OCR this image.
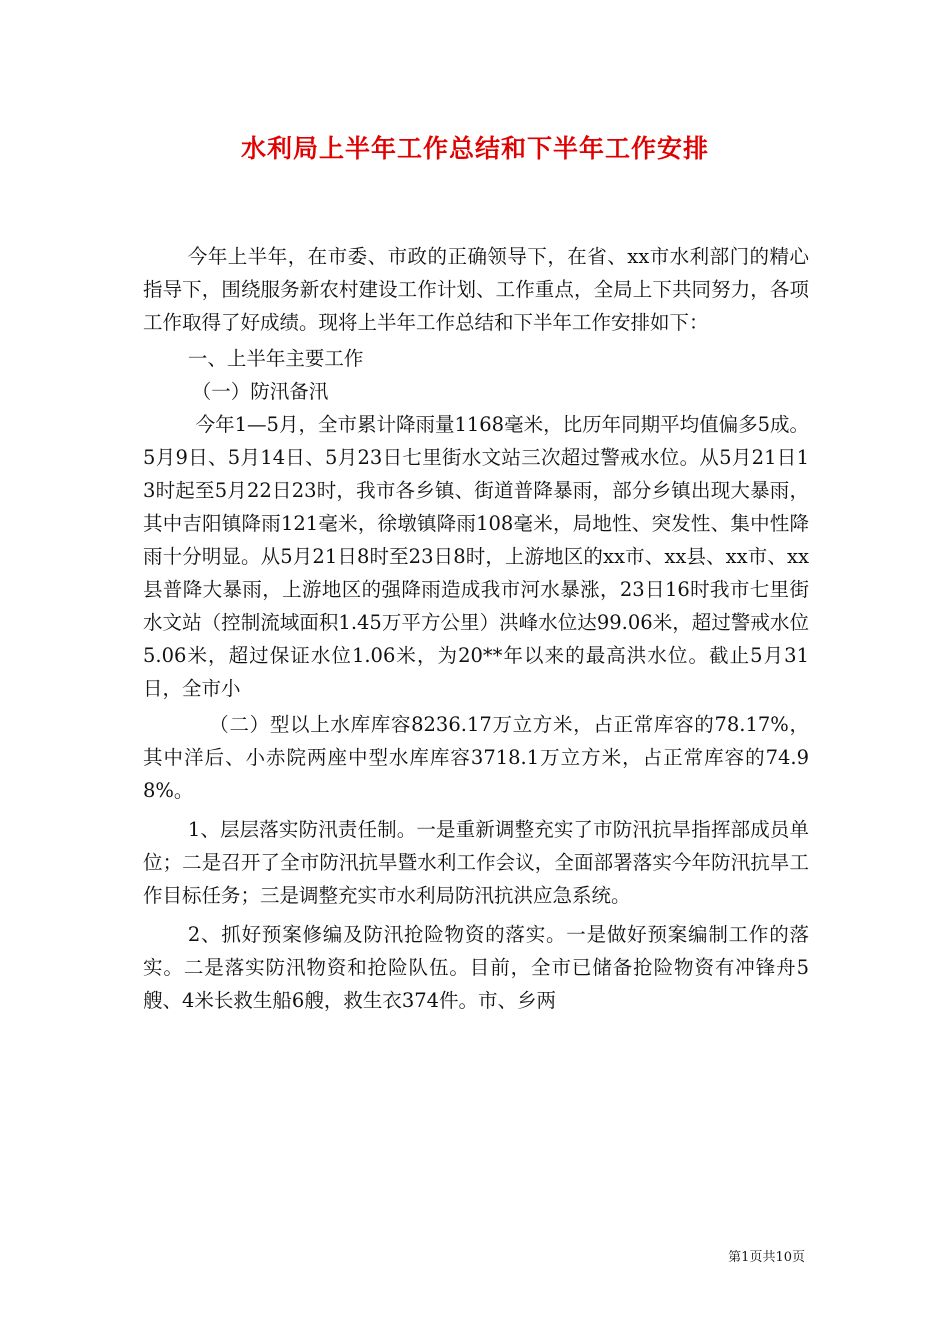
水利局上半年工作总结和下半年工作安排

今年上半年，在市委、市政的正确领导下，在省、xx市水利部门的精心指导下，围绕服务新农村建设工作计划、工作重点，全局上下共同努力，各项工作取得了好成绩。现将上半年工作总结和下半年工作安排如下：

一、上半年主要工作

（一）防汛备汛

今年1—5月，全市累计降雨量1168毫米，比历年同期平均值偏多5成。5月9日、5月14日、5月23日七里街水文站三次超过警戒水位。从5月21日13时起至5月22日23时，我市各乡镇、街道普降暴雨，部分乡镇出现大暴雨，其中吉阳镇降雨121毫米，徐墩镇降雨108毫米，局地性、突发性、集中性降雨十分明显。从5月21日8时至23日8时，上游地区的xx市、xx县、xx市、xx县普降大暴雨，上游地区的强降雨造成我市河水暴涨，23日16时我市七里街水文站（控制流域面积1.45万平方公里）洪峰水位达99.06米，超过警戒水位5.06米，超过保证水位1.06米，为20**年以来的最高洪水位。截止5月31日，全市小

（二）型以上水库库容8236.17万立方米，占正常库容的78.17%，其中洋后、小赤院两座中型水库库容3718.1万立方米，占正常库容的74.98%。

1、层层落实防汛责任制。一是重新调整充实了市防汛抗旱指挥部成员单位；二是召开了全市防汛抗旱暨水利工作会议，全面部署落实今年防汛抗旱工作目标任务；三是调整充实市水利局防汛抗洪应急系统。

2、抓好预案修编及防汛抢险物资的落实。一是做好预案编制工作的落实。二是落实防汛物资和抢险队伍。目前，全市已储备抢险物资有冲锋舟5艘、4米长救生船6艘，救生衣374件。市、乡两

第1页共10页
